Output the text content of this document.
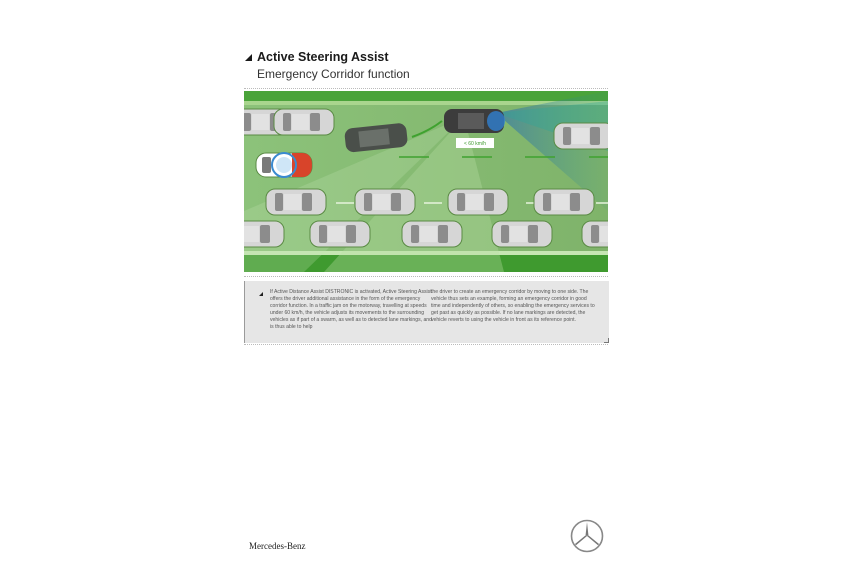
Active Steering Assist
Emergency Corridor function
< 60 km/h
If Active Distance Assist DISTRONIC is activated, Active Steering Assist offers the driver additional assistance in the form of the emergency corridor function. In a traffic jam on the motorway, travelling at speeds under 60 km/h, the vehicle adjusts its movements to the surrounding vehicles as if part of a swarm, as well as to detected lane markings, and is thus able to help
the driver to create an emergency corridor by moving to one side. The vehicle thus sets an example, forming an emergency corridor in good time and independently of others, so enabling the emergency services to get past as quickly as possible. If no lane markings are detected, the vehicle reverts to using the vehicle in front as its reference point.
Mercedes-Benz
